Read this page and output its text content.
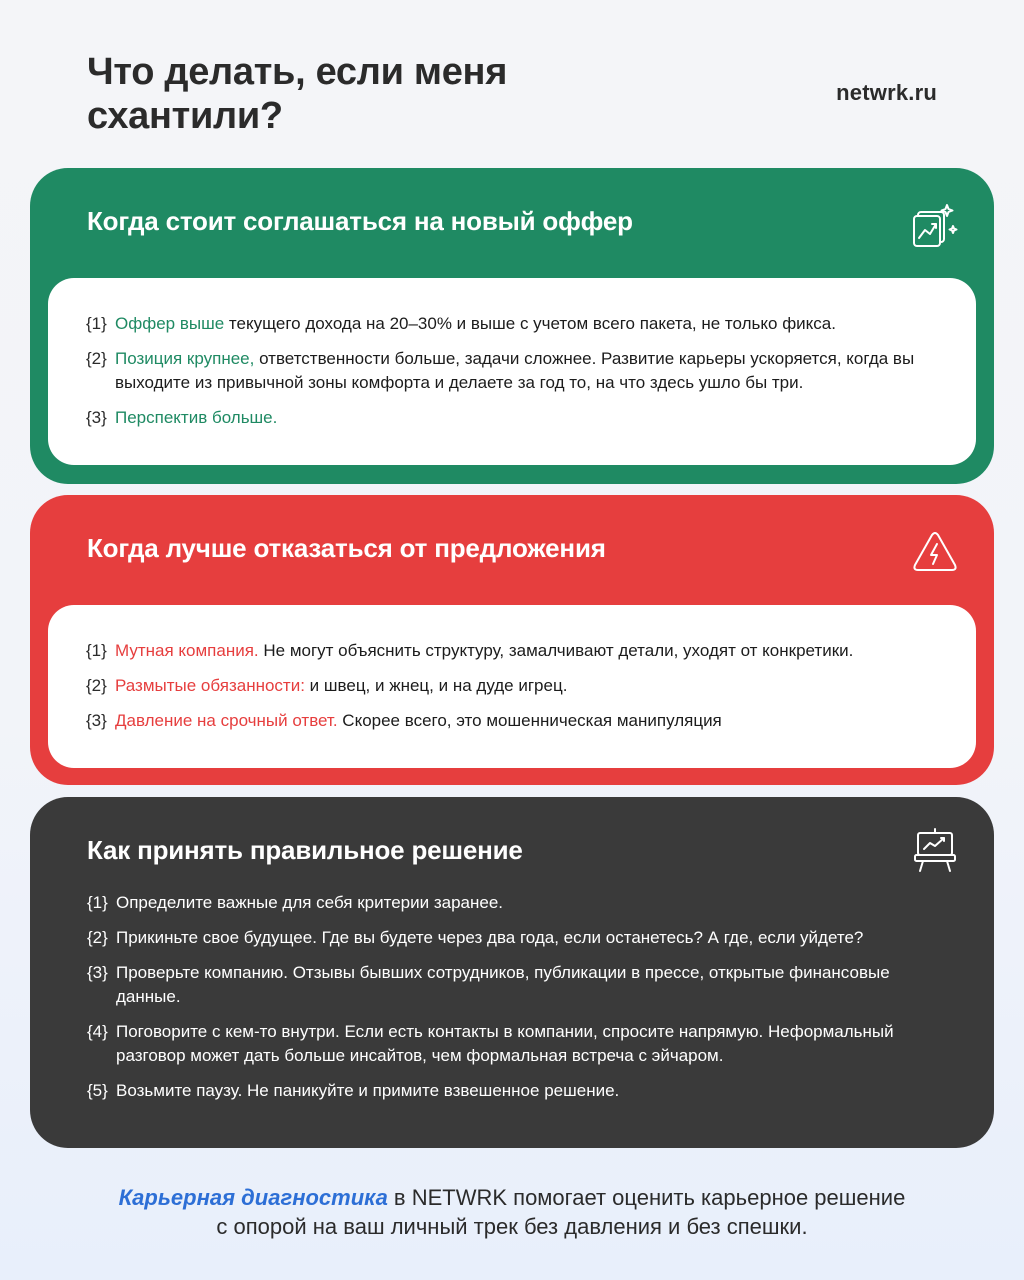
Что делать, если меня схантили?
netwrk.ru
Когда стоит соглашаться на новый оффер
{1} Оффер выше текущего дохода на 20–30% и выше с учетом всего пакета, не только фикса.
{2} Позиция крупнее, ответственности больше, задачи сложнее. Развитие карьеры ускоряется, когда вы выходите из привычной зоны комфорта и делаете за год то, на что здесь ушло бы три.
{3} Перспектив больше.
Когда лучше отказаться от предложения
{1} Мутная компания. Не могут объяснить структуру, замалчивают детали, уходят от конкретики.
{2} Размытые обязанности: и швец, и жнец, и на дуде игрец.
{3} Давление на срочный ответ. Скорее всего, это мошенническая манипуляция
Как принять правильное решение
{1} Определите важные для себя критерии заранее.
{2} Прикиньте свое будущее. Где вы будете через два года, если останетесь? А где, если уйдете?
{3} Проверьте компанию. Отзывы бывших сотрудников, публикации в прессе, открытые финансовые данные.
{4} Поговорите с кем-то внутри. Если есть контакты в компании, спросите напрямую. Неформальный разговор может дать больше инсайтов, чем формальная встреча с эйчаром.
{5} Возьмите паузу. Не паникуйте и примите взвешенное решение.
Карьерная диагностика в NETWRK помогает оценить карьерное решение
с опорой на ваш личный трек без давления и без спешки.
